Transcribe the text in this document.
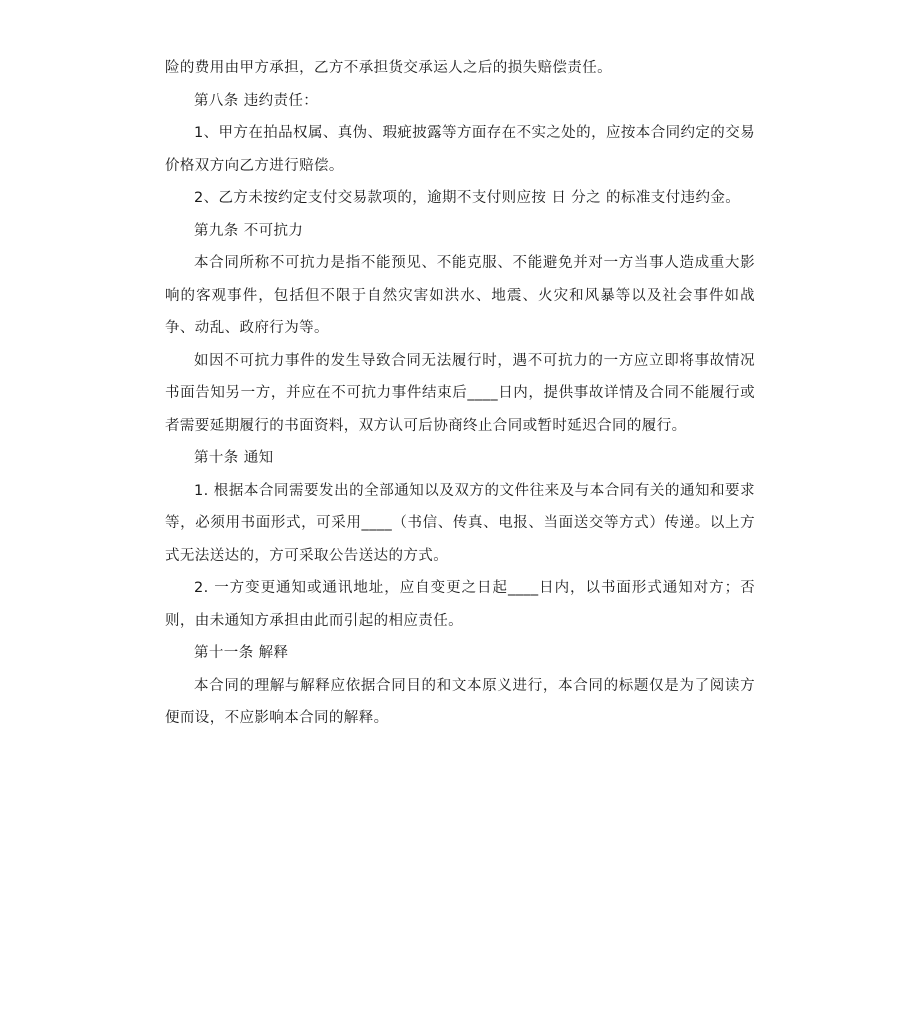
险的费用由甲方承担，乙方不承担货交承运人之后的损失赔偿责任。

第八条 违约责任：

1、甲方在拍品权属、真伪、瑕疵披露等方面存在不实之处的，应按本合同约定的交易价格双方向乙方进行赔偿。

2、乙方未按约定支付交易款项的，逾期不支付则应按 日 分之 的标准支付违约金。

第九条 不可抗力

本合同所称不可抗力是指不能预见、不能克服、不能避免并对一方当事人造成重大影响的客观事件，包括但不限于自然灾害如洪水、地震、火灾和风暴等以及社会事件如战争、动乱、政府行为等。

如因不可抗力事件的发生导致合同无法履行时，遇不可抗力的一方应立即将事故情况书面告知另一方，并应在不可抗力事件结束后____日内，提供事故详情及合同不能履行或者需要延期履行的书面资料，双方认可后协商终止合同或暂时延迟合同的履行。

第十条 通知

1. 根据本合同需要发出的全部通知以及双方的文件往来及与本合同有关的通知和要求等，必须用书面形式，可采用____（书信、传真、电报、当面送交等方式）传递。以上方式无法送达的，方可采取公告送达的方式。

2. 一方变更通知或通讯地址，应自变更之日起____日内，以书面形式通知对方；否则，由未通知方承担由此而引起的相应责任。

第十一条 解释

本合同的理解与解释应依据合同目的和文本原义进行，本合同的标题仅是为了阅读方便而设，不应影响本合同的解释。
